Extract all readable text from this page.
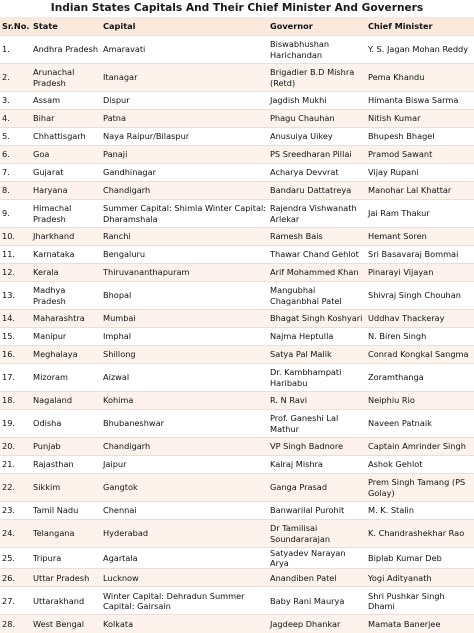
Indian States Capitals And Their Chief Minister And Governers
Sr.No.	State	Capital	Governor	Chief Minister
1.	Andhra Pradesh	Amaravati	Biswabhushan Harichandan	Y. S. Jagan Mohan Reddy
2.	Arunachal Pradesh	Itanagar	Brigadier B.D Mishra (Retd)	Pema Khandu
3.	Assam	Dispur	Jagdish Mukhi	Himanta Biswa Sarma
4.	Bihar	Patna	Phagu Chauhan	Nitish Kumar
5.	Chhattisgarh	Naya Raipur/Bilaspur	Anusuiya Uikey	Bhupesh Bhagel
6.	Goa	Panaji	PS Sreedharan Pillai	Pramod Sawant
7.	Gujarat	Gandhinagar	Acharya Devvrat	Vijay Rupani
8.	Haryana	Chandigarh	Bandaru Dattatreya	Manohar Lal Khattar
9.	Himachal Pradesh	Summer Capital: Shimla Winter Capital: Dharamshala	Rajendra Vishwanath Arlekar	Jai Ram Thakur
10.	Jharkhand	Ranchi	Ramesh Bais	Hemant Soren
11.	Karnataka	Bengaluru	Thawar Chand Gehlot	Sri Basavaraj Bommai
12.	Kerala	Thiruvananthapuram	Arif Mohammed Khan	Pinarayi Vijayan
13.	Madhya Pradesh	Bhopal	Mangubhai Chaganbhai Patel	Shivraj Singh Chouhan
14.	Maharashtra	Mumbai	Bhagat Singh Koshyari	Uddhav Thackeray
15.	Manipur	Imphal	Najma Heptulla	N. Biren Singh
16.	Meghalaya	Shillong	Satya Pal Malik	Conrad Kongkal Sangma
17.	Mizoram	Aizwal	Dr. Kambhampati Haribabu	Zoramthanga
18.	Nagaland	Kohima	R. N Ravi	Neiphiu Rio
19.	Odisha	Bhubaneshwar	Prof. Ganeshi Lal Mathur	Naveen Patnaik
20.	Punjab	Chandigarh	VP Singh Badnore	Captain Amrinder Singh
21.	Rajasthan	Jaipur	Kalraj Mishra	Ashok Gehlot
22.	Sikkim	Gangtok	Ganga Prasad	Prem Singh Tamang (PS Golay)
23.	Tamil Nadu	Chennai	Banwarilal Purohit	M. K. Stalin
24.	Telangana	Hyderabad	Dr Tamilisai Soundararajan	K. Chandrashekhar Rao
25.	Tripura	Agartala	Satyadev Narayan Arya	Biplab Kumar Deb
26.	Uttar Pradesh	Lucknow	Anandiben Patel	Yogi Adityanath
27.	Uttarakhand	Winter Capital: Dehradun Summer Capital: Gairsain	Baby Rani Maurya	Shri Pushkar Singh Dhami
28.	West Bengal	Kolkata	Jagdeep Dhankar	Mamata Banerjee
